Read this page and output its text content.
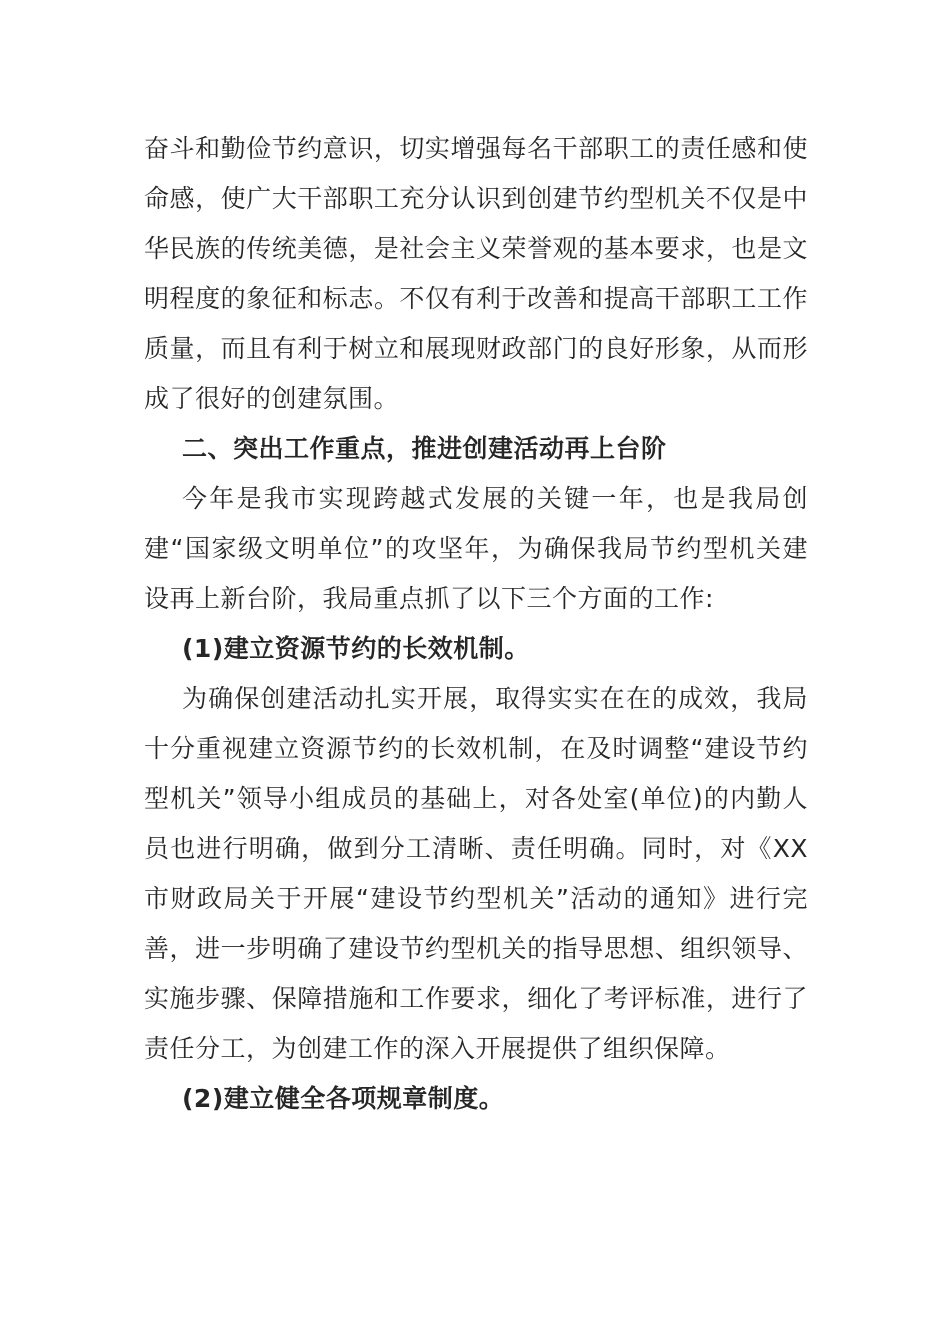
奋斗和勤俭节约意识，切实增强每名干部职工的责任感和使命感，使广大干部职工充分认识到创建节约型机关不仅是中华民族的传统美德，是社会主义荣誉观的基本要求，也是文明程度的象征和标志。不仅有利于改善和提高干部职工工作质量，而且有利于树立和展现财政部门的良好形象，从而形成了很好的创建氛围。

二、突出工作重点，推进创建活动再上台阶

今年是我市实现跨越式发展的关键一年，也是我局创建“国家级文明单位”的攻坚年，为确保我局节约型机关建设再上新台阶，我局重点抓了以下三个方面的工作:

(1)建立资源节约的长效机制。

为确保创建活动扎实开展，取得实实在在的成效，我局十分重视建立资源节约的长效机制，在及时调整“建设节约型机关”领导小组成员的基础上，对各处室(单位)的内勤人员也进行明确，做到分工清晰、责任明确。同时，对《XX市财政局关于开展“建设节约型机关”活动的通知》进行完善，进一步明确了建设节约型机关的指导思想、组织领导、实施步骤、保障措施和工作要求，细化了考评标准，进行了责任分工，为创建工作的深入开展提供了组织保障。

(2)建立健全各项规章制度。
